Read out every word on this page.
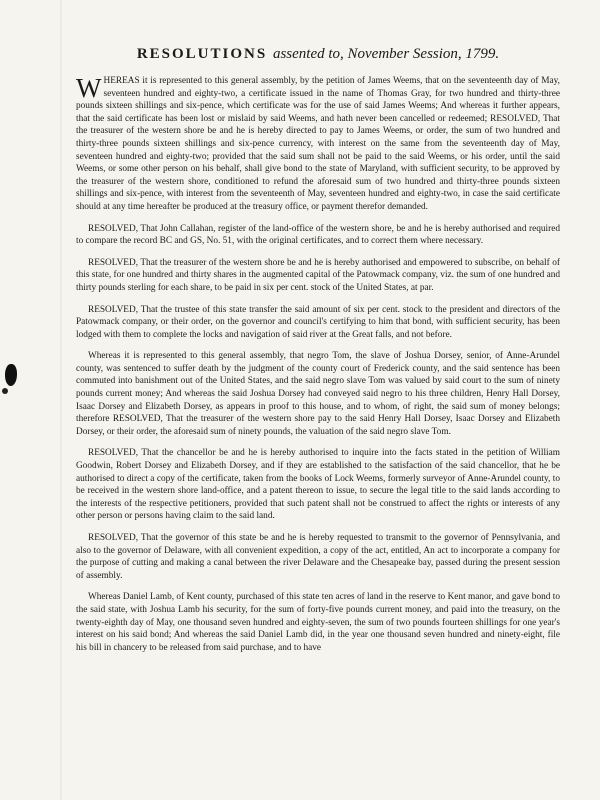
RESOLUTIONS assented to, November Session, 1799.

WHEREAS it is represented to this general assembly, by the petition of James Weems, that on the seventeenth day of May, seventeen hundred and eighty-two, a certificate issued in the name of Thomas Gray, for two hundred and thirty-three pounds sixteen shillings and six-pence, which certificate was for the use of said James Weems; And whereas it further appears, that the said certificate has been lost or mislaid by said Weems, and hath never been cancelled or redeemed; RESOLVED, That the treasurer of the western shore be and he is hereby directed to pay to James Weems, or order, the sum of two hundred and thirty-three pounds sixteen shillings and six-pence currency, with interest on the same from the seventeenth day of May, seventeen hundred and eighty-two; provided that the said sum shall not be paid to the said Weems, or his order, until the said Weems, or some other person on his behalf, shall give bond to the state of Maryland, with sufficient security, to be approved by the treasurer of the western shore, conditioned to refund the aforesaid sum of two hundred and thirty-three pounds sixteen shillings and six-pence, with interest from the seventeenth of May, seventeen hundred and eighty-two, in case the said certificate should at any time hereafter be produced at the treasury office, or payment therefor demanded.

RESOLVED, That John Callahan, register of the land-office of the western shore, be and he is hereby authorised and required to compare the record BC and GS, No. 51, with the original certificates, and to correct them where necessary.

RESOLVED, That the treasurer of the western shore be and he is hereby authorised and empowered to subscribe, on behalf of this state, for one hundred and thirty shares in the augmented capital of the Patowmack company, viz. the sum of one hundred and thirty pounds sterling for each share, to be paid in six per cent. stock of the United States, at par.

RESOLVED, That the trustee of this state transfer the said amount of six per cent. stock to the president and directors of the Patowmack company, or their order, on the governor and council's certifying to him that bond, with sufficient security, has been lodged with them to complete the locks and navigation of said river at the Great falls, and not before.

Whereas it is represented to this general assembly, that negro Tom, the slave of Joshua Dorsey, senior, of Anne-Arundel county, was sentenced to suffer death by the judgment of the county court of Frederick county, and the said sentence has been commuted into banishment out of the United States, and the said negro slave Tom was valued by said court to the sum of ninety pounds current money; And whereas the said Joshua Dorsey had conveyed said negro to his three children, Henry Hall Dorsey, Isaac Dorsey and Elizabeth Dorsey, as appears in proof to this house, and to whom, of right, the said sum of money belongs; therefore RESOLVED, That the treasurer of the western shore pay to the said Henry Hall Dorsey, Isaac Dorsey and Elizabeth Dorsey, or their order, the aforesaid sum of ninety pounds, the valuation of the said negro slave Tom.

RESOLVED, That the chancellor be and he is hereby authorised to inquire into the facts stated in the petition of William Goodwin, Robert Dorsey and Elizabeth Dorsey, and if they are established to the satisfaction of the said chancellor, that he be authorised to direct a copy of the certificate, taken from the books of Lock Weems, formerly surveyor of Anne-Arundel county, to be received in the western shore land-office, and a patent thereon to issue, to secure the legal title to the said lands according to the interests of the respective petitioners, provided that such patent shall not be construed to affect the rights or interests of any other person or persons having claim to the said land.

RESOLVED, That the governor of this state be and he is hereby requested to transmit to the governor of Pennsylvania, and also to the governor of Delaware, with all convenient expedition, a copy of the act, entitled, An act to incorporate a company for the purpose of cutting and making a canal between the river Delaware and the Chesapeake bay, passed during the present session of assembly.

Whereas Daniel Lamb, of Kent county, purchased of this state ten acres of land in the reserve to Kent manor, and gave bond to the said state, with Joshua Lamb his security, for the sum of forty-five pounds current money, and paid into the treasury, on the twenty-eighth day of May, one thousand seven hundred and eighty-seven, the sum of two pounds fourteen shillings for one year's interest on his said bond; And whereas the said Daniel Lamb did, in the year one thousand seven hundred and ninety-eight, file his bill in chancery to be released from said purchase, and to have
